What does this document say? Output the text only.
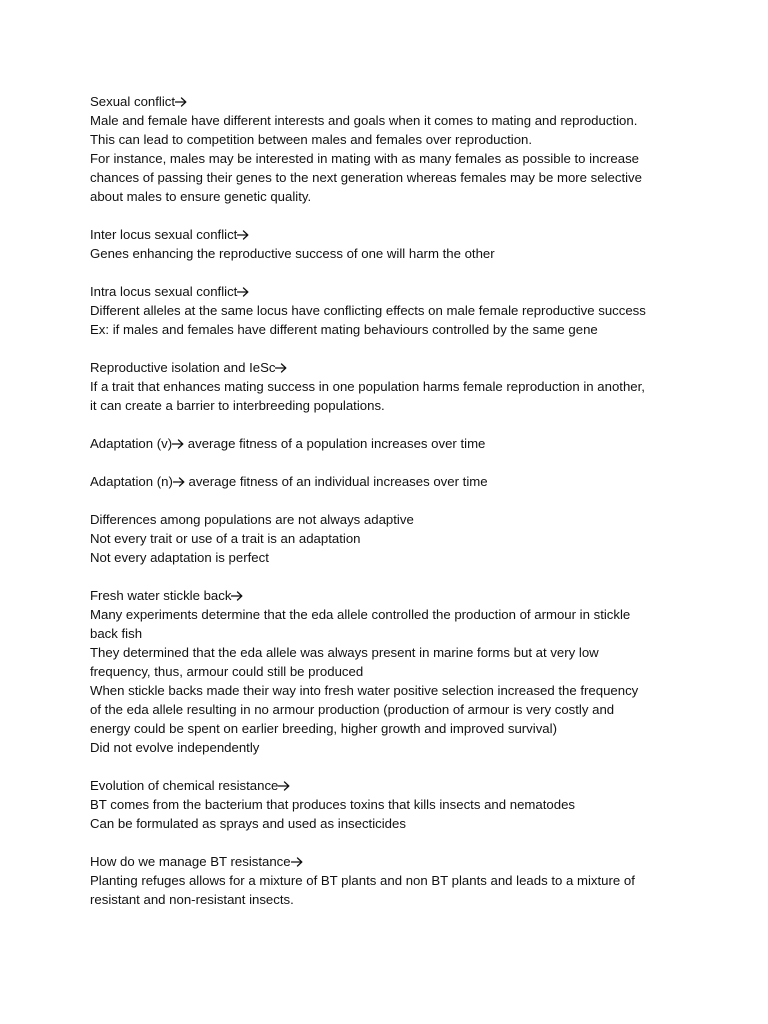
Sexual conflict
Male and female have different interests and goals when it comes to mating and reproduction.
This can lead to competition between males and females over reproduction.
For instance, males may be interested in mating with as many females as possible to increase
chances of passing their genes to the next generation whereas females may be more selective
about males to ensure genetic quality.
Inter locus sexual conflict
Genes enhancing the reproductive success of one will harm the other
Intra locus sexual conflict
Different alleles at the same locus have conflicting effects on male female reproductive success
Ex: if males and females have different mating behaviours controlled by the same gene
Reproductive isolation and IeSc
If a trait that enhances mating success in one population harms female reproduction in another,
it can create a barrier to interbreeding populations.
Adaptation (v) average fitness of a population increases over time
Adaptation (n) average fitness of an individual increases over time
Differences among populations are not always adaptive
Not every trait or use of a trait is an adaptation
Not every adaptation is perfect
Fresh water stickle back
Many experiments determine that the eda allele controlled the production of armour in stickle
back fish
They determined that the eda allele was always present in marine forms but at very low
frequency, thus, armour could still be produced
When stickle backs made their way into fresh water positive selection increased the frequency
of the eda allele resulting in no armour production (production of armour is very costly and
energy could be spent on earlier breeding, higher growth and improved survival)
Did not evolve independently
Evolution of chemical resistance
BT comes from the bacterium that produces toxins that kills insects and nematodes
Can be formulated as sprays and used as insecticides
How do we manage BT resistance
Planting refuges allows for a mixture of BT plants and non BT plants and leads to a mixture of
resistant and non-resistant insects.
